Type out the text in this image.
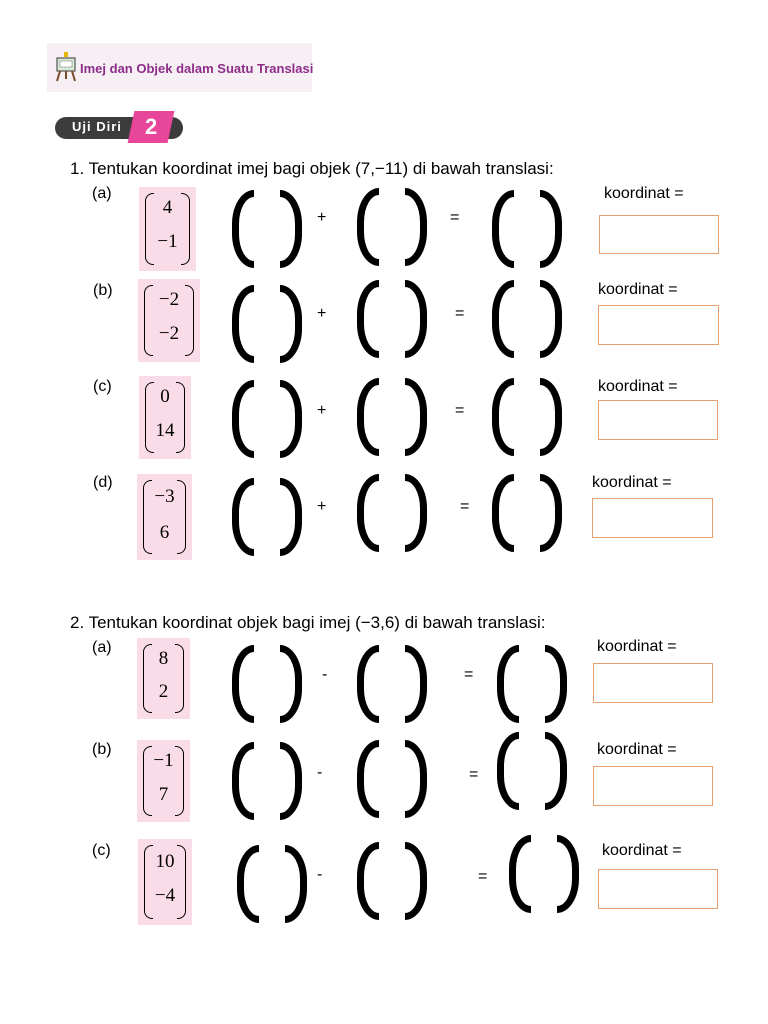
Imej dan Objek dalam Suatu Translasi
Uji Diri 2
1. Tentukan koordinat imej bagi objek (7,−11) di bawah translasi:
(a)
4
−1
+	=
koordinat =
(b)	−2
−2
+	=
koordinat =
(c)	0
14
+	=
koordinat =
(d)
−3
6
+	=
koordinat =
2. Tentukan koordinat objek bagi imej (−3,6) di bawah translasi:
(a)
8
2
-	=
koordinat =
(b)
−1
7
-	=
koordinat =
(c)
10
−4
-	=
koordinat =
